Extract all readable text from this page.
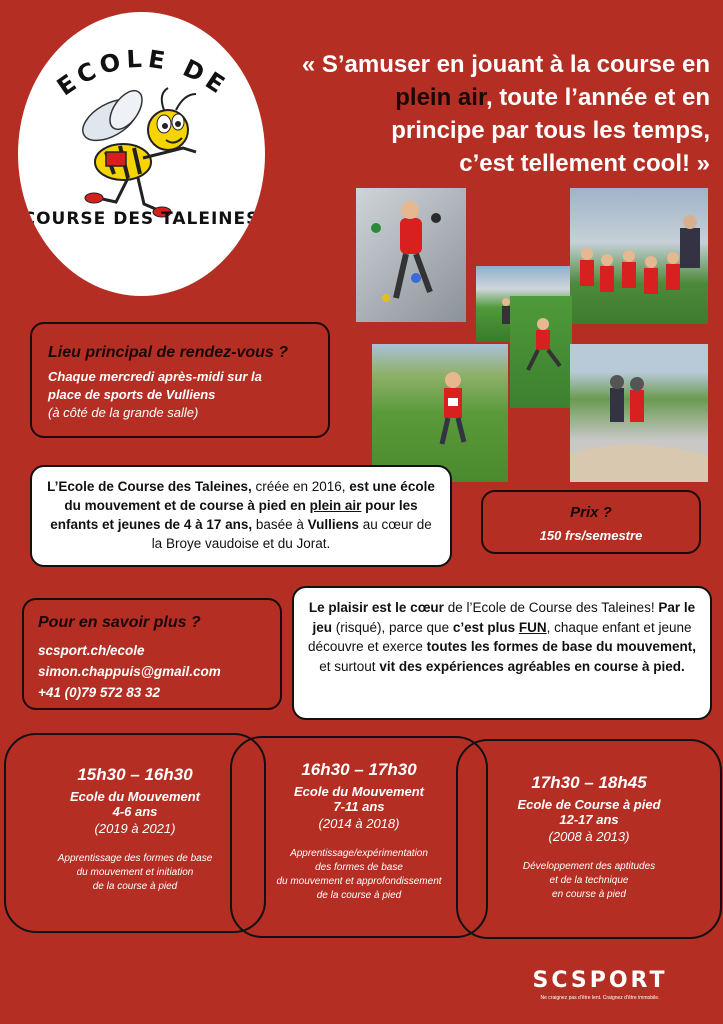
ECOLE DE
COURSE DES TALEINES
« S’amuser en jouant à la course en
plein air, toute l’année et en
principe par tous les temps,
c’est tellement cool! »
Lieu principal de rendez-vous ?
Chaque mercredi après-midi sur la
place de sports de Vulliens
(à côté de la grande salle)
L’Ecole de Course des Taleines, créée en 2016, est une école du mouvement et de course à pied en plein air pour les enfants et jeunes de 4 à 17 ans, basée à Vulliens au cœur de la Broye vaudoise et du Jorat.
Prix ?
150 frs/semestre
Pour en savoir plus ?
scsport.ch/ecole
simon.chappuis@gmail.com
+41 (0)79 572 83 32
Le plaisir est le cœur de l’Ecole de Course des Taleines! Par le jeu (risqué), parce que c’est plus FUN, chaque enfant et jeune découvre et exerce toutes les formes de base du mouvement, et surtout vit des expériences agréables en course à pied.
15h30 – 16h30
Ecole du Mouvement
4-6 ans
(2019 à 2021)
Apprentissage des formes de base
du mouvement et initiation
de la course à pied
16h30 – 17h30
Ecole du Mouvement
7-11 ans
(2014 à 2018)
Apprentissage/expérimentation
des formes de base
du mouvement et approfondissement
de la course à pied
17h30 – 18h45
Ecole de Course à pied
12-17 ans
(2008 à 2013)
Développement des aptitudes
et de la technique
en course à pied
SCSPORT
Ne craignez pas d’être lent. Craignez d’être immobile.
